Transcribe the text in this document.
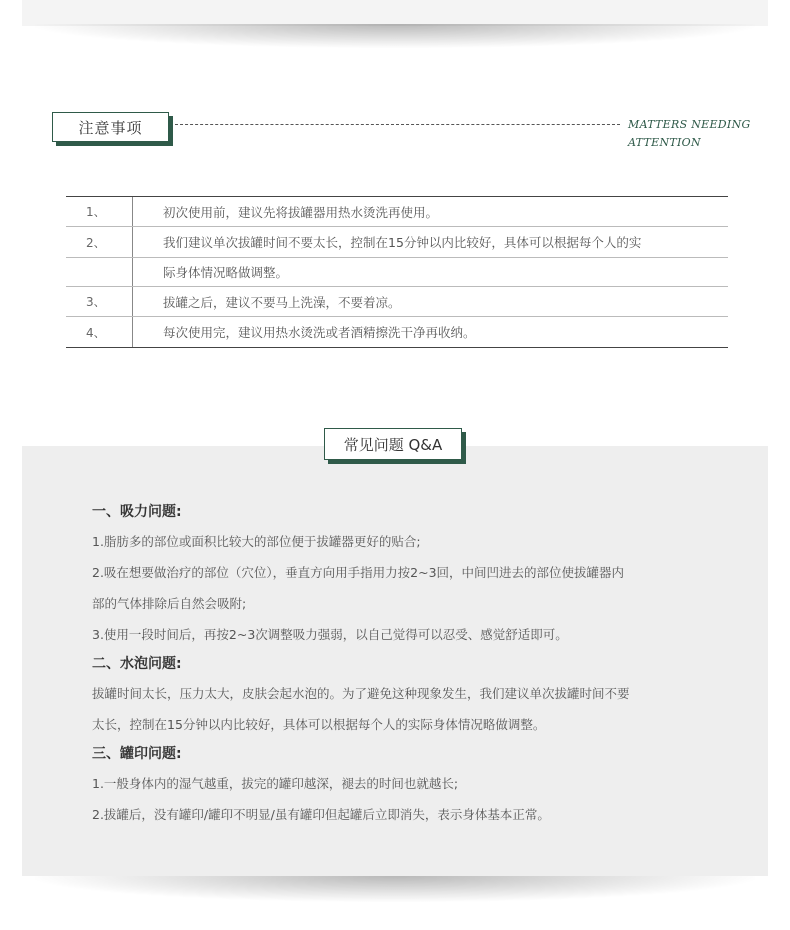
注意事项	MATTERS NEEDING
ATTENTION
1、	初次使用前，建议先将拔罐器用热水烫洗再使用。
2、	我们建议单次拔罐时间不要太长，控制在15分钟以内比较好，具体可以根据每个人的实
际身体情况略做调整。
3、	拔罐之后，建议不要马上洗澡，不要着凉。
4、	每次使用完，建议用热水烫洗或者酒精擦洗干净再收纳。
常见问题 Q&A
一、吸力问题:
1.脂肪多的部位或面积比较大的部位便于拔罐器更好的贴合;
2.吸在想要做治疗的部位（穴位），垂直方向用手指用力按2~3回，中间凹进去的部位使拔罐器内
部的气体排除后自然会吸附;
3.使用一段时间后，再按2~3次调整吸力强弱，以自己觉得可以忍受、感觉舒适即可。
二、水泡问题:
拔罐时间太长，压力太大，皮肤会起水泡的。为了避免这种现象发生，我们建议单次拔罐时间不要
太长，控制在15分钟以内比较好，具体可以根据每个人的实际身体情况略做调整。
三、罐印问题:
1.一般身体内的湿气越重，拔完的罐印越深，褪去的时间也就越长;
2.拔罐后，没有罐印/罐印不明显/虽有罐印但起罐后立即消失，表示身体基本正常。
